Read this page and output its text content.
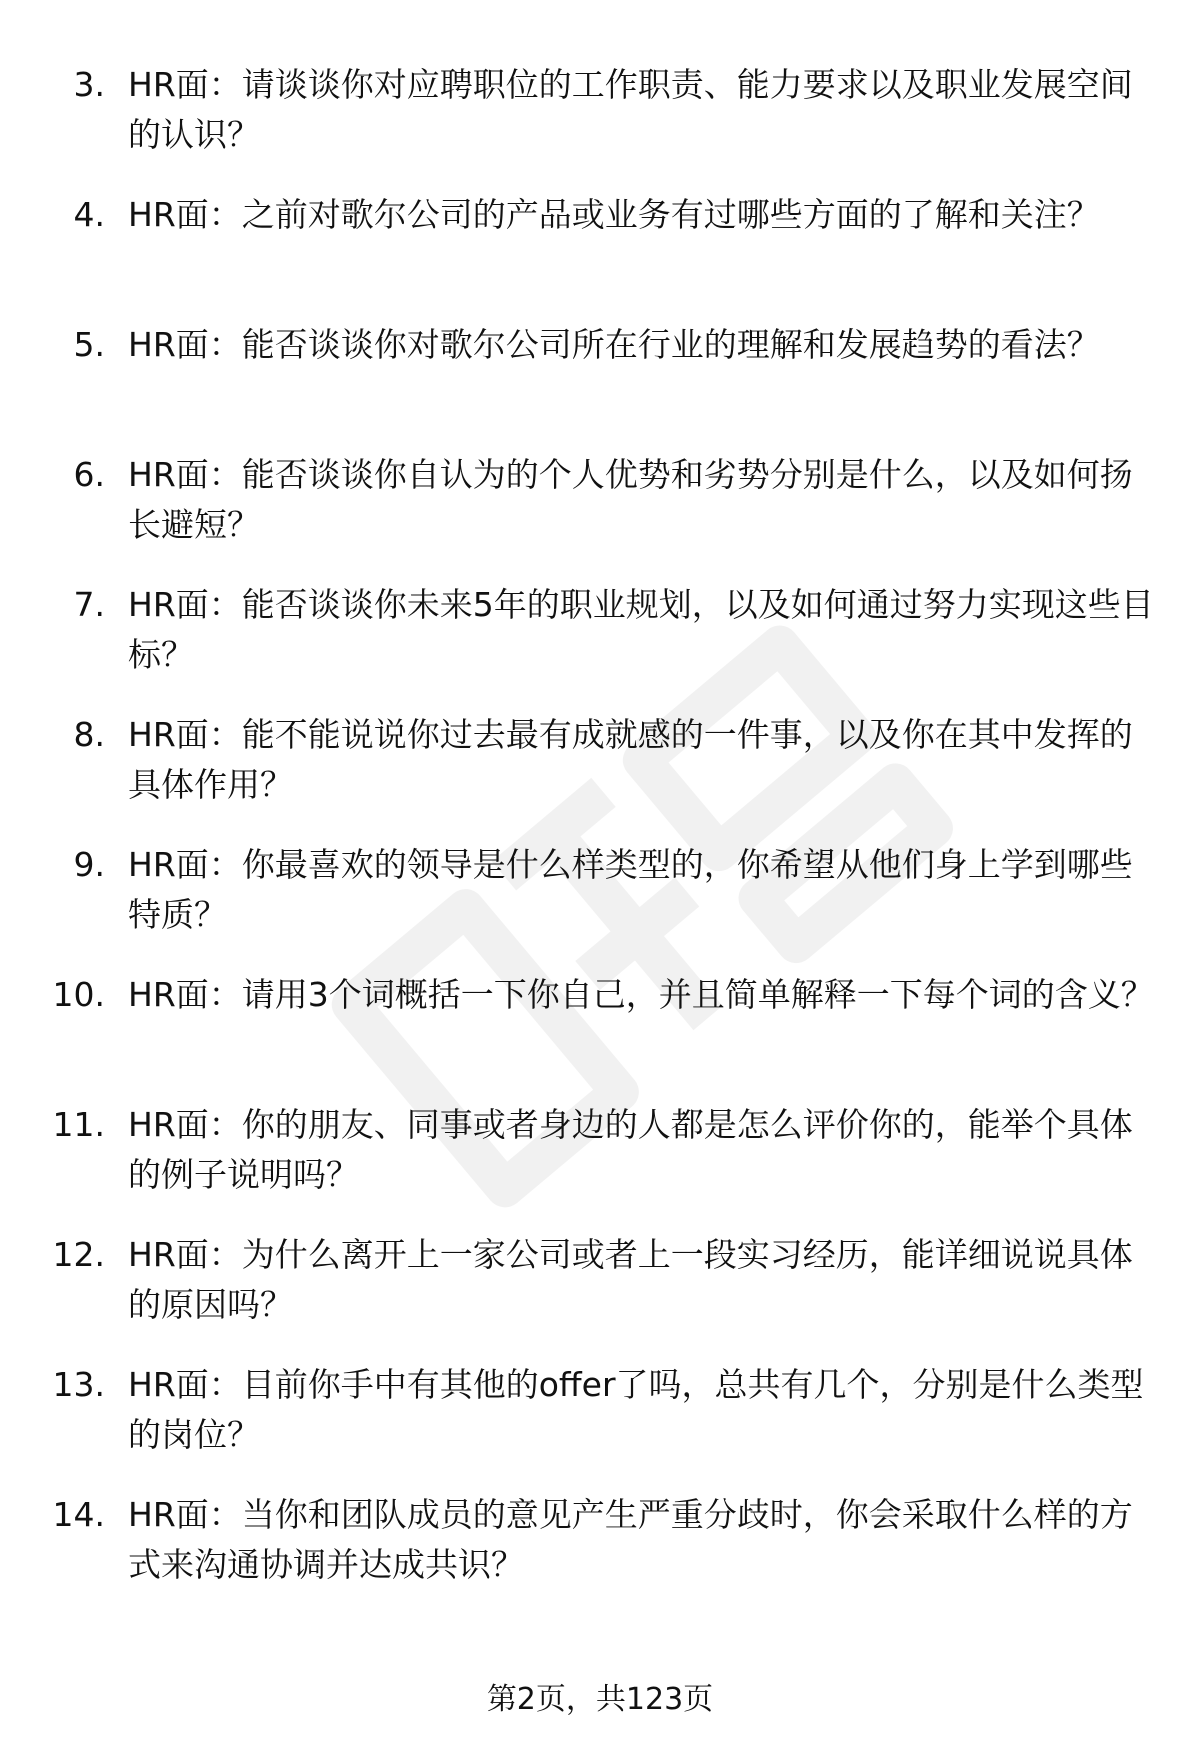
3. HR面：请谈谈你对应聘职位的工作职责、能力要求以及职业发展空间的认识？
4. HR面：之前对歌尔公司的产品或业务有过哪些方面的了解和关注？
5. HR面：能否谈谈你对歌尔公司所在行业的理解和发展趋势的看法？
6. HR面：能否谈谈你自认为的个人优势和劣势分别是什么，以及如何扬长避短？
7. HR面：能否谈谈你未来5年的职业规划，以及如何通过努力实现这些目标？
8. HR面：能不能说说你过去最有成就感的一件事，以及你在其中发挥的具体作用？
9. HR面：你最喜欢的领导是什么样类型的，你希望从他们身上学到哪些特质？
10. HR面：请用3个词概括一下你自己，并且简单解释一下每个词的含义？
11. HR面：你的朋友、同事或者身边的人都是怎么评价你的，能举个具体的例子说明吗？
12. HR面：为什么离开上一家公司或者上一段实习经历，能详细说说具体的原因吗？
13. HR面：目前你手中有其他的offer了吗，总共有几个，分别是什么类型的岗位？
14. HR面：当你和团队成员的意见产生严重分歧时，你会采取什么样的方式来沟通协调并达成共识？
第2页，共123页
